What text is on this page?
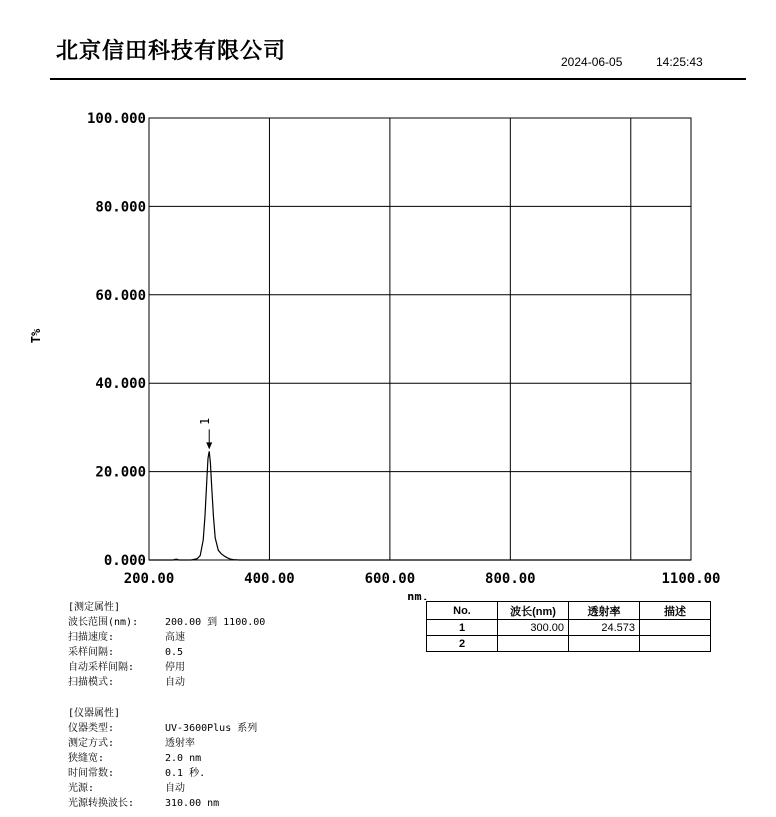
北京信田科技有限公司	2024-06-05	14:25:43
100.000
80.000
60.000
40.000
20.000
0.000
200.00	400.00	600.00	800.00	1100.00
T%
nm.
1
[测定属性]
波长范围(nm):	200.00 到 1100.00
扫描速度:	高速
采样间隔:	0.5
自动采样间隔:	停用
扫描模式:	自动
[仪器属性]
仪器类型:	UV-3600Plus 系列
测定方式:	透射率
狭缝宽:	2.0 nm
时间常数:	0.1 秒.
光源:	自动
光源转换波长:	310.00 nm
No.	波长(nm)	透射率	描述
1	300.00	24.573	
2			
